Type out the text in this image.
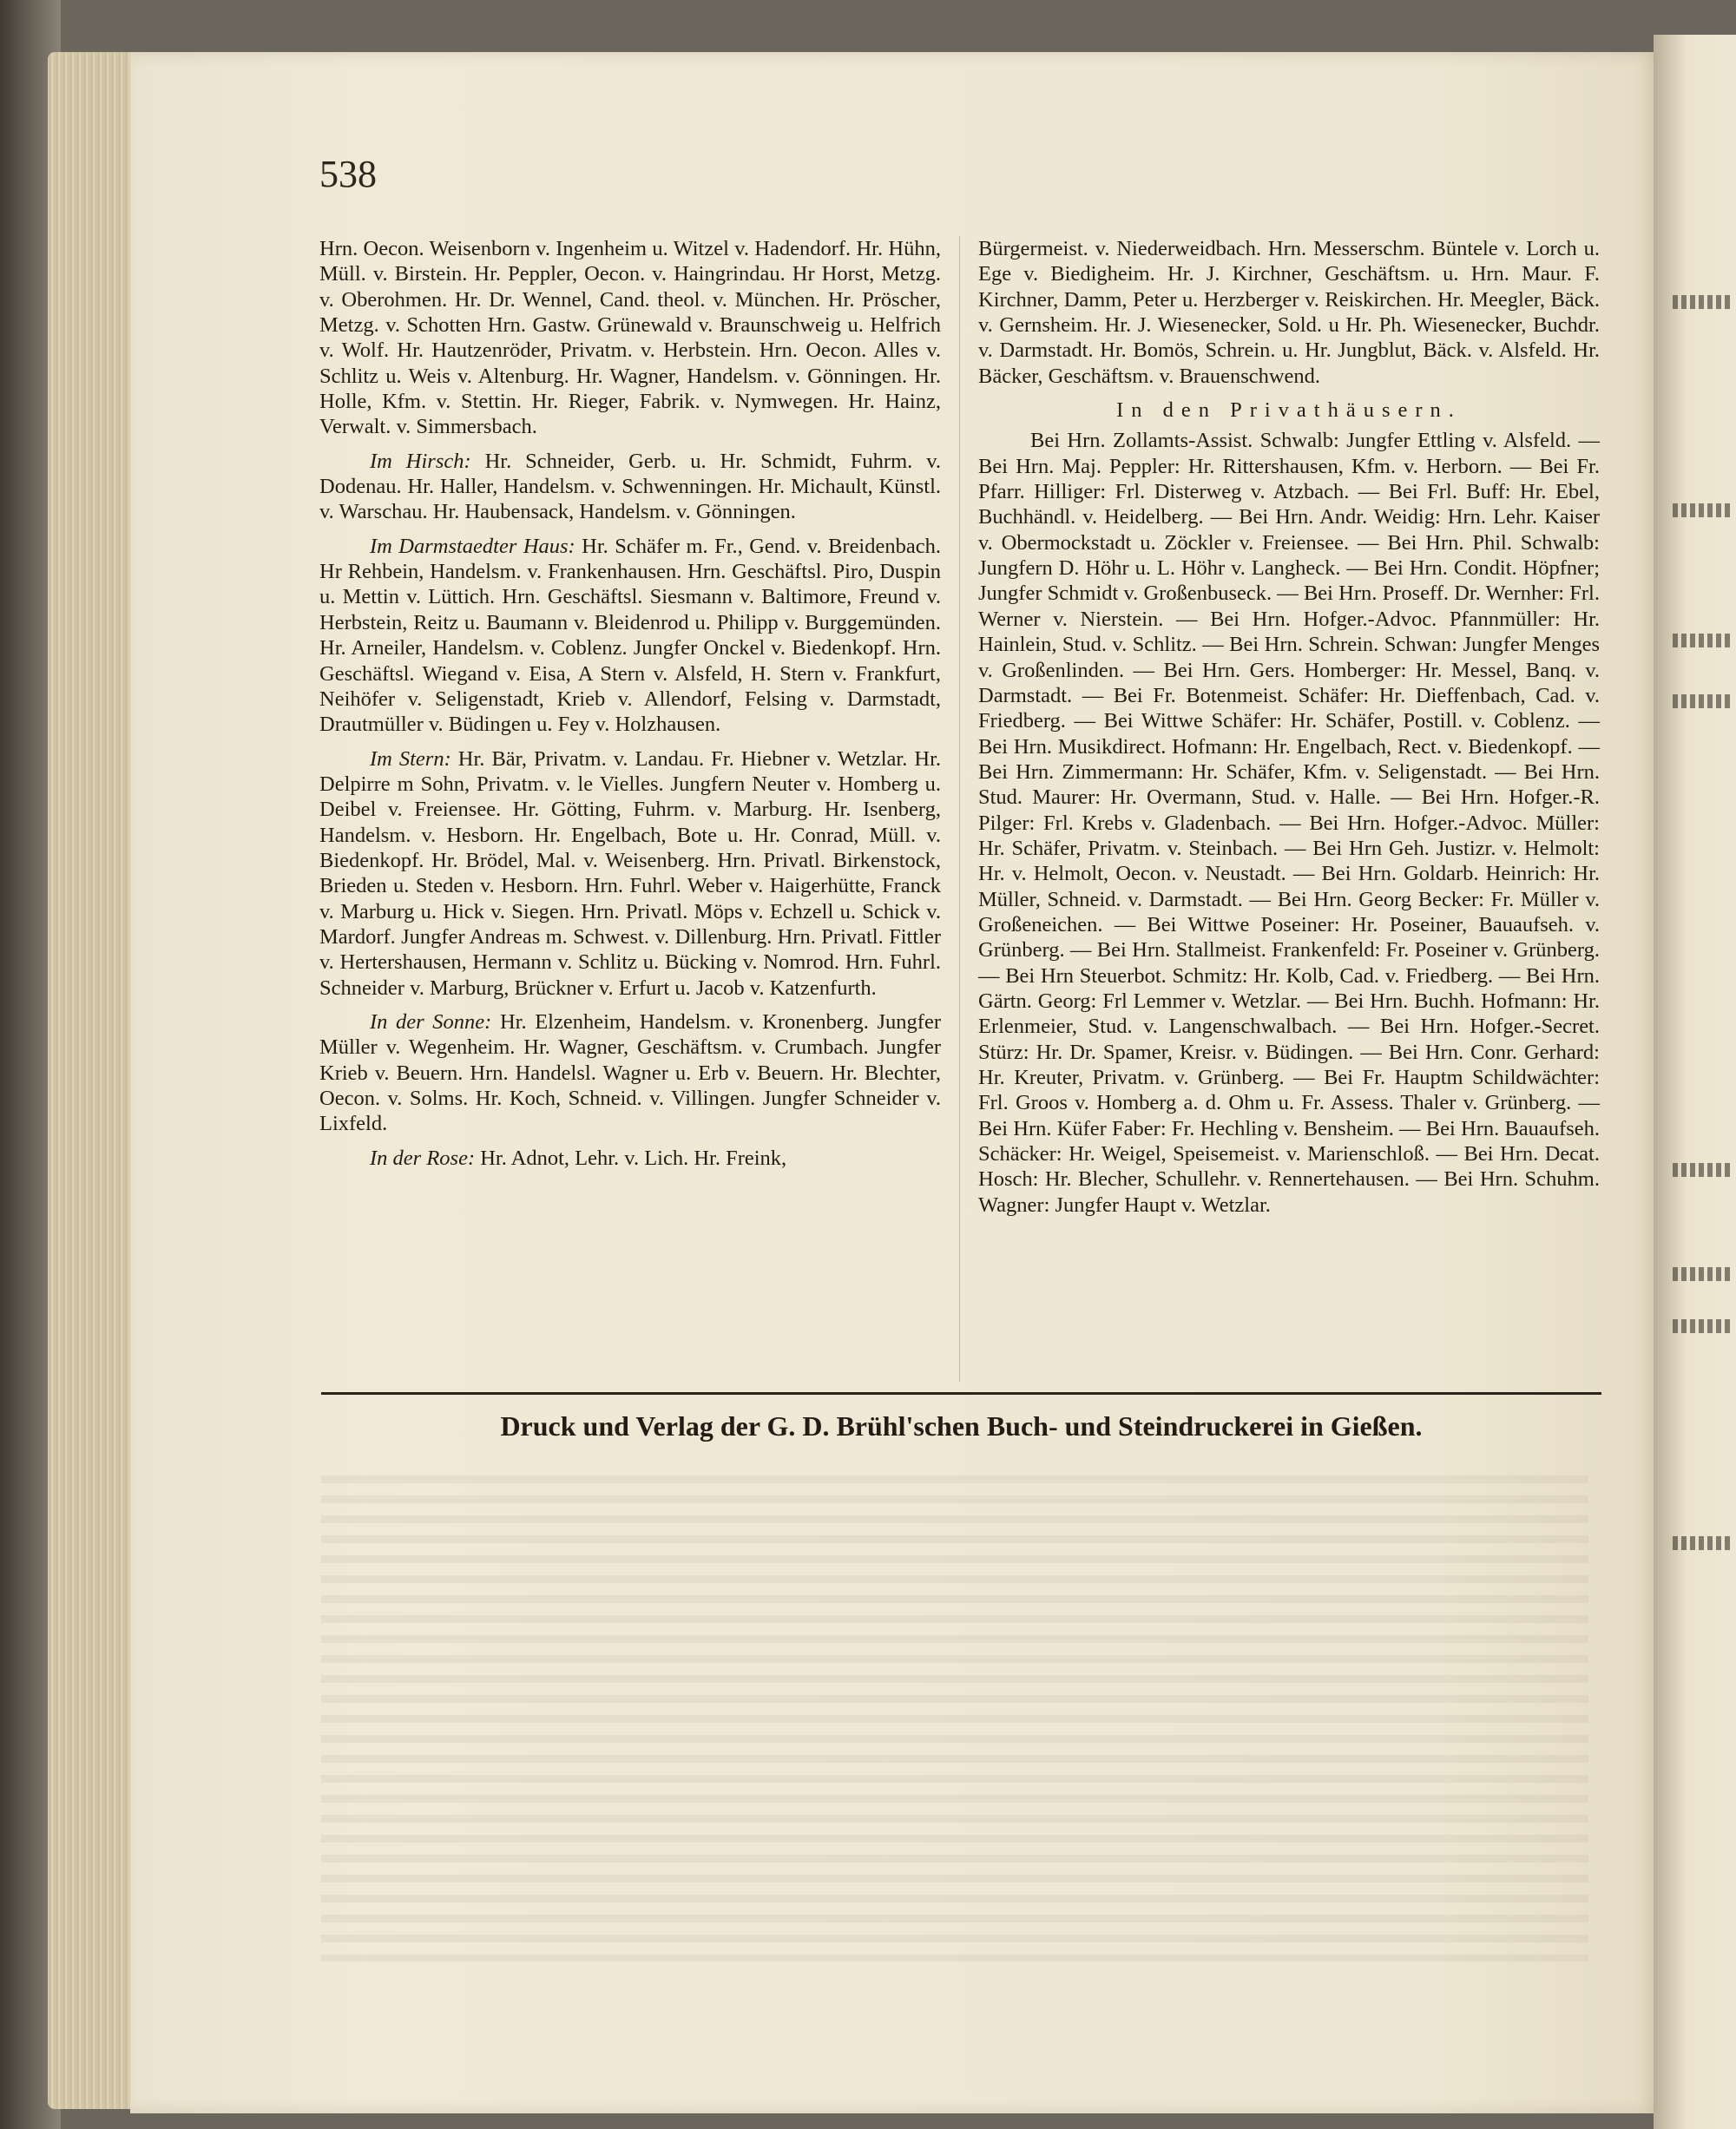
538

Hrn. Oecon. Weisenborn v. Ingenheim u. Witzel v. Hadendorf. Hr. Hühn, Müll. v. Birstein. Hr. Peppler, Oecon. v. Haingrindau. Hr Horst, Metzg. v. Oberohmen. Hr. Dr. Wennel, Cand. theol. v. München. Hr. Pröscher, Metzg. v. Schotten Hrn. Gastw. Grünewald v. Braunschweig u. Helfrich v. Wolf. Hr. Hautzenröder, Privatm. v. Herbstein. Hrn. Oecon. Alles v. Schlitz u. Weis v. Altenburg. Hr. Wagner, Handelsm. v. Gönningen. Hr. Holle, Kfm. v. Stettin. Hr. Rieger, Fabrik. v. Nymwegen. Hr. Hainz, Verwalt. v. Simmersbach.

Im Hirsch: Hr. Schneider, Gerb. u. Hr. Schmidt, Fuhrm. v. Dodenau. Hr. Haller, Handelsm. v. Schwenningen. Hr. Michault, Künstl. v. Warschau. Hr. Haubensack, Handelsm. v. Gönningen.

Im Darmstaedter Haus: Hr. Schäfer m. Fr., Gend. v. Breidenbach. Hr Rehbein, Handelsm. v. Frankenhausen. Hrn. Geschäftsl. Piro, Duspin u. Mettin v. Lüttich. Hrn. Geschäftsl. Siesmann v. Baltimore, Freund v. Herbstein, Reitz u. Baumann v. Bleidenrod u. Philipp v. Burggemünden. Hr. Arneiler, Handelsm. v. Coblenz. Jungfer Onckel v. Biedenkopf. Hrn. Geschäftsl. Wiegand v. Eisa, A Stern v. Alsfeld, H. Stern v. Frankfurt, Neihöfer v. Seligenstadt, Krieb v. Allendorf, Felsing v. Darmstadt, Drautmüller v. Büdingen u. Fey v. Holzhausen.

Im Stern: Hr. Bär, Privatm. v. Landau. Fr. Hiebner v. Wetzlar. Hr. Delpirre m Sohn, Privatm. v. le Vielles. Jungfern Neuter v. Homberg u. Deibel v. Freiensee. Hr. Götting, Fuhrm. v. Marburg. Hr. Isenberg, Handelsm. v. Hesborn. Hr. Engelbach, Bote u. Hr. Conrad, Müll. v. Biedenkopf. Hr. Brödel, Mal. v. Weisenberg. Hrn. Privatl. Birkenstock, Brieden u. Steden v. Hesborn. Hrn. Fuhrl. Weber v. Haigerhütte, Franck v. Marburg u. Hick v. Siegen. Hrn. Privatl. Möps v. Echzell u. Schick v. Mardorf. Jungfer Andreas m. Schwest. v. Dillenburg. Hrn. Privatl. Fittler v. Hertershausen, Hermann v. Schlitz u. Bücking v. Nomrod. Hrn. Fuhrl. Schneider v. Marburg, Brückner v. Erfurt u. Jacob v. Katzenfurth.

In der Sonne: Hr. Elzenheim, Handelsm. v. Kronenberg. Jungfer Müller v. Wegenheim. Hr. Wagner, Geschäftsm. v. Crumbach. Jungfer Krieb v. Beuern. Hrn. Handelsl. Wagner u. Erb v. Beuern. Hr. Blechter, Oecon. v. Solms. Hr. Koch, Schneid. v. Villingen. Jungfer Schneider v. Lixfeld.

In der Rose: Hr. Adnot, Lehr. v. Lich. Hr. Freink,

Bürgermeist. v. Niederweidbach. Hrn. Messerschm. Büntele v. Lorch u. Ege v. Biedigheim. Hr. J. Kirchner, Geschäftsm. u. Hrn. Maur. F. Kirchner, Damm, Peter u. Herzberger v. Reiskirchen. Hr. Meegler, Bäck. v. Gernsheim. Hr. J. Wiesenecker, Sold. u Hr. Ph. Wiesenecker, Buchdr. v. Darmstadt. Hr. Bomös, Schrein. u. Hr. Jungblut, Bäck. v. Alsfeld. Hr. Bäcker, Geschäftsm. v. Brauenschwend.

In den Privathäusern.

Bei Hrn. Zollamts-Assist. Schwalb: Jungfer Ettling v. Alsfeld. — Bei Hrn. Maj. Peppler: Hr. Rittershausen, Kfm. v. Herborn. — Bei Fr. Pfarr. Hilliger: Frl. Disterweg v. Atzbach. — Bei Frl. Buff: Hr. Ebel, Buchhändl. v. Heidelberg. — Bei Hrn. Andr. Weidig: Hrn. Lehr. Kaiser v. Obermockstadt u. Zöckler v. Freiensee. — Bei Hrn. Phil. Schwalb: Jungfern D. Höhr u. L. Höhr v. Langheck. — Bei Hrn. Condit. Höpfner; Jungfer Schmidt v. Großenbuseck. — Bei Hrn. Proseff. Dr. Wernher: Frl. Werner v. Nierstein. — Bei Hrn. Hofger.-Advoc. Pfannmüller: Hr. Hainlein, Stud. v. Schlitz. — Bei Hrn. Schrein. Schwan: Jungfer Menges v. Großenlinden. — Bei Hrn. Gers. Homberger: Hr. Messel, Banq. v. Darmstadt. — Bei Fr. Botenmeist. Schäfer: Hr. Dieffenbach, Cad. v. Friedberg. — Bei Wittwe Schäfer: Hr. Schäfer, Postill. v. Coblenz. — Bei Hrn. Musikdirect. Hofmann: Hr. Engelbach, Rect. v. Biedenkopf. — Bei Hrn. Zimmermann: Hr. Schäfer, Kfm. v. Seligenstadt. — Bei Hrn. Stud. Maurer: Hr. Overmann, Stud. v. Halle. — Bei Hrn. Hofger.-R. Pilger: Frl. Krebs v. Gladenbach. — Bei Hrn. Hofger.-Advoc. Müller: Hr. Schäfer, Privatm. v. Steinbach. — Bei Hrn Geh. Justizr. v. Helmolt: Hr. v. Helmolt, Oecon. v. Neustadt. — Bei Hrn. Goldarb. Heinrich: Hr. Müller, Schneid. v. Darmstadt. — Bei Hrn. Georg Becker: Fr. Müller v. Großeneichen. — Bei Wittwe Poseiner: Hr. Poseiner, Bauaufseh. v. Grünberg. — Bei Hrn. Stallmeist. Frankenfeld: Fr. Poseiner v. Grünberg. — Bei Hrn Steuerbot. Schmitz: Hr. Kolb, Cad. v. Friedberg. — Bei Hrn. Gärtn. Georg: Frl Lemmer v. Wetzlar. — Bei Hrn. Buchh. Hofmann: Hr. Erlenmeier, Stud. v. Langenschwalbach. — Bei Hrn. Hofger.-Secret. Stürz: Hr. Dr. Spamer, Kreisr. v. Büdingen. — Bei Hrn. Conr. Gerhard: Hr. Kreuter, Privatm. v. Grünberg. — Bei Fr. Hauptm Schildwächter: Frl. Groos v. Homberg a. d. Ohm u. Fr. Assess. Thaler v. Grünberg. — Bei Hrn. Küfer Faber: Fr. Hechling v. Bensheim. — Bei Hrn. Bauaufseh. Schäcker: Hr. Weigel, Speisemeist. v. Marienschloß. — Bei Hrn. Decat. Hosch: Hr. Blecher, Schullehr. v. Rennertehausen. — Bei Hrn. Schuhm. Wagner: Jungfer Haupt v. Wetzlar.

Druck und Verlag der G. D. Brühl'schen Buch- und Steindruckerei in Gießen.
